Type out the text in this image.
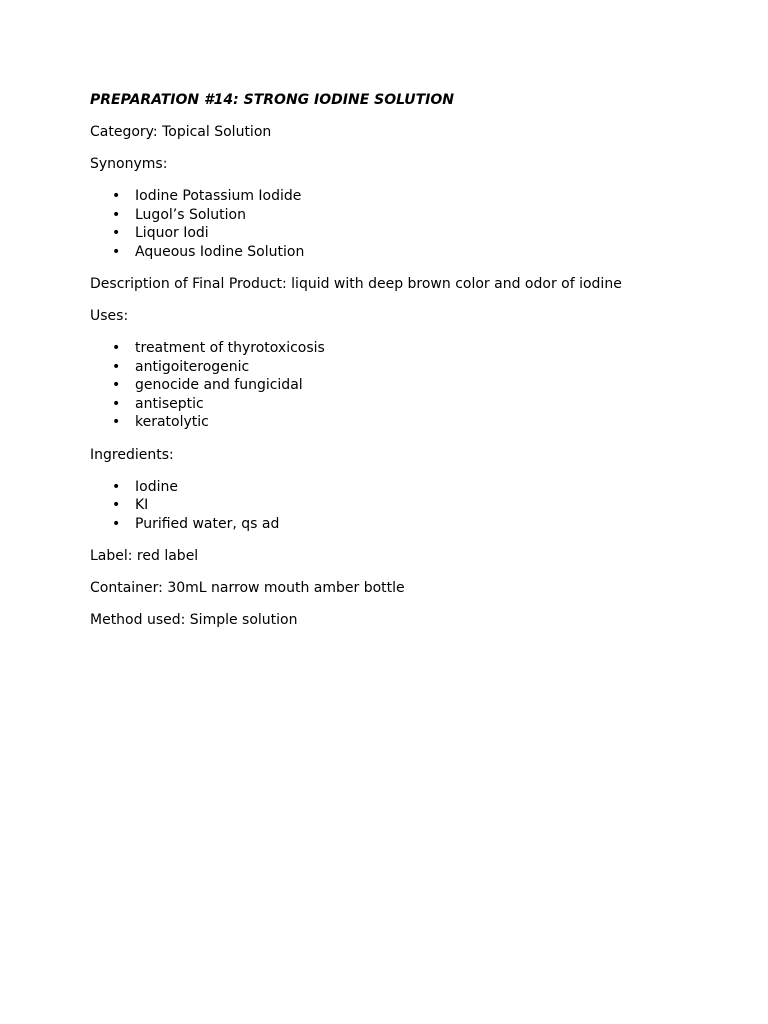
PREPARATION #14: STRONG IODINE SOLUTION

Category: Topical Solution

Synonyms:

• Iodine Potassium Iodide
• Lugol’s Solution
• Liquor Iodi
• Aqueous Iodine Solution

Description of Final Product: liquid with deep brown color and odor of iodine

Uses:

• treatment of thyrotoxicosis
• antigoiterogenic
• genocide and fungicidal
• antiseptic
• keratolytic

Ingredients:

• Iodine
• KI
• Purified water, qs ad

Label: red label

Container: 30mL narrow mouth amber bottle

Method used: Simple solution
